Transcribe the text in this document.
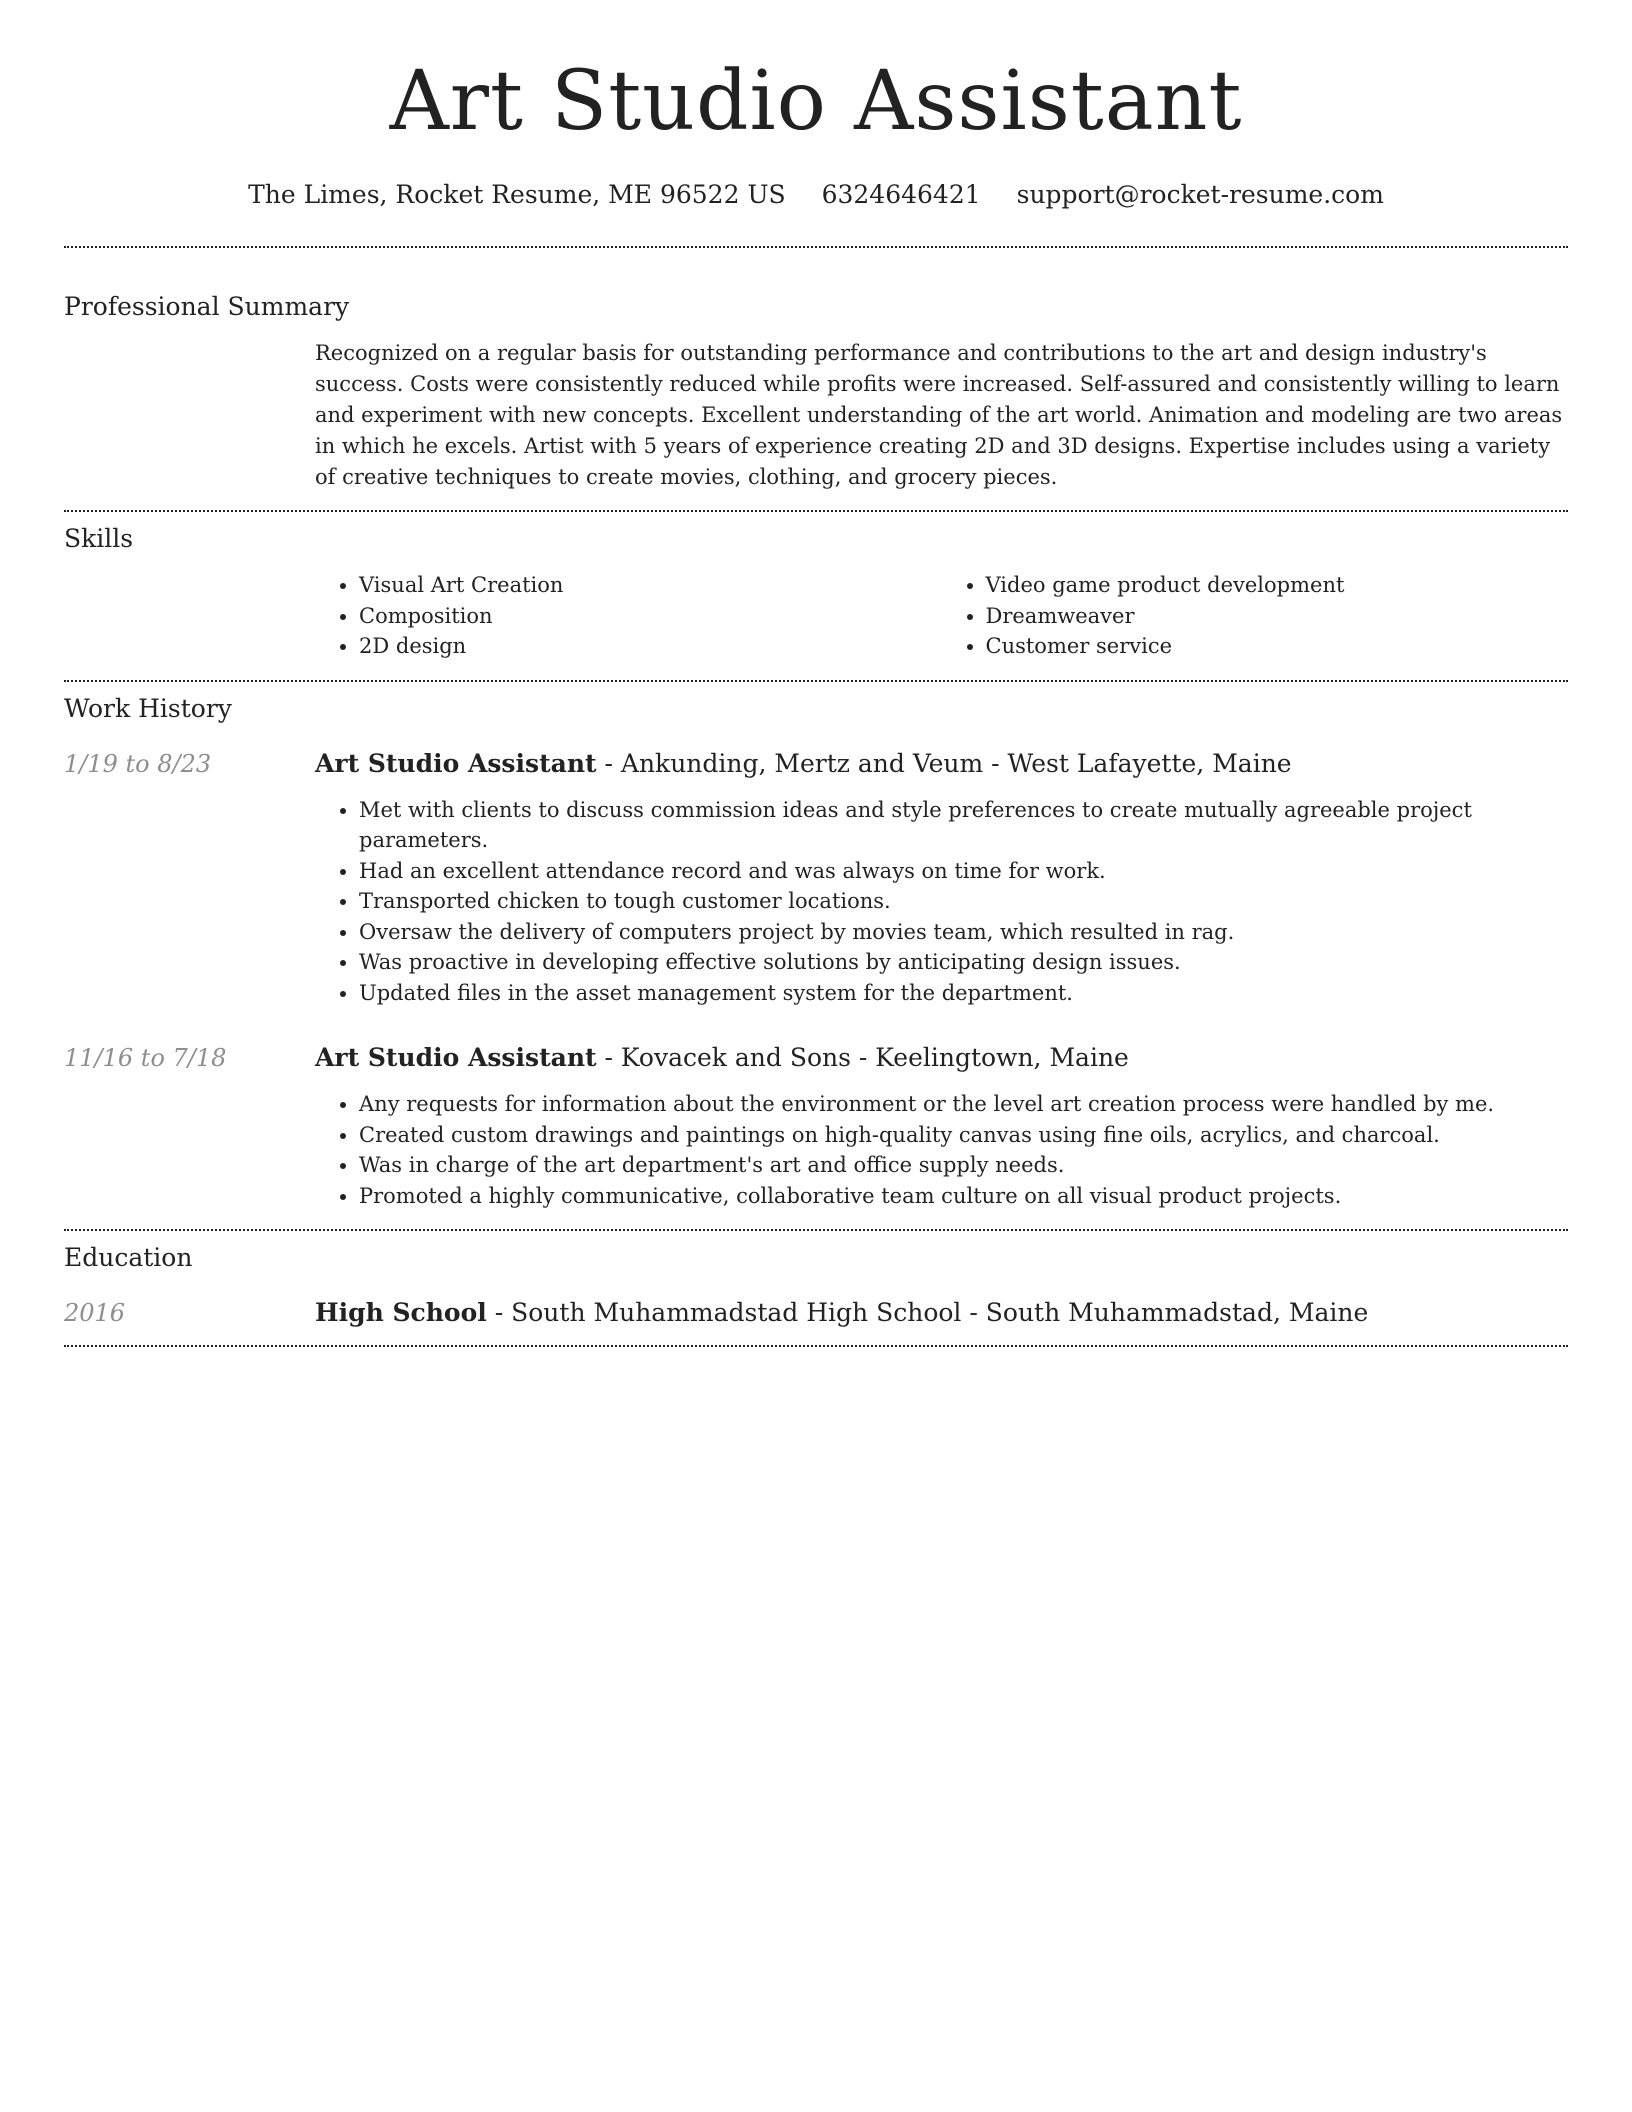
Art Studio Assistant
The Limes, Rocket Resume, ME 96522 US 6324646421 support@rocket-resume.com
Professional Summary

Recognized on a regular basis for outstanding performance and contributions to the art and design industry's success. Costs were consistently reduced while profits were increased. Self-assured and consistently willing to learn and experiment with new concepts. Excellent understanding of the art world. Animation and modeling are two areas in which he excels. Artist with 5 years of experience creating 2D and 3D designs. Expertise includes using a variety of creative techniques to create movies, clothing, and grocery pieces.

Skills
• Visual Art Creation
• Composition
• 2D design
• Video game product development
• Dreamweaver
• Customer service
Work History
1/19 to 8/23	Art Studio Assistant - Ankunding, Mertz and Veum - West Lafayette, Maine
• Met with clients to discuss commission ideas and style preferences to create mutually agreeable project parameters.
• Had an excellent attendance record and was always on time for work.
• Transported chicken to tough customer locations.
• Oversaw the delivery of computers project by movies team, which resulted in rag.
• Was proactive in developing effective solutions by anticipating design issues.
• Updated files in the asset management system for the department.
11/16 to 7/18	Art Studio Assistant - Kovacek and Sons - Keelingtown, Maine
• Any requests for information about the environment or the level art creation process were handled by me.
• Created custom drawings and paintings on high-quality canvas using fine oils, acrylics, and charcoal.
• Was in charge of the art department's art and office supply needs.
• Promoted a highly communicative, collaborative team culture on all visual product projects.
Education
2016	High School - South Muhammadstad High School - South Muhammadstad, Maine
